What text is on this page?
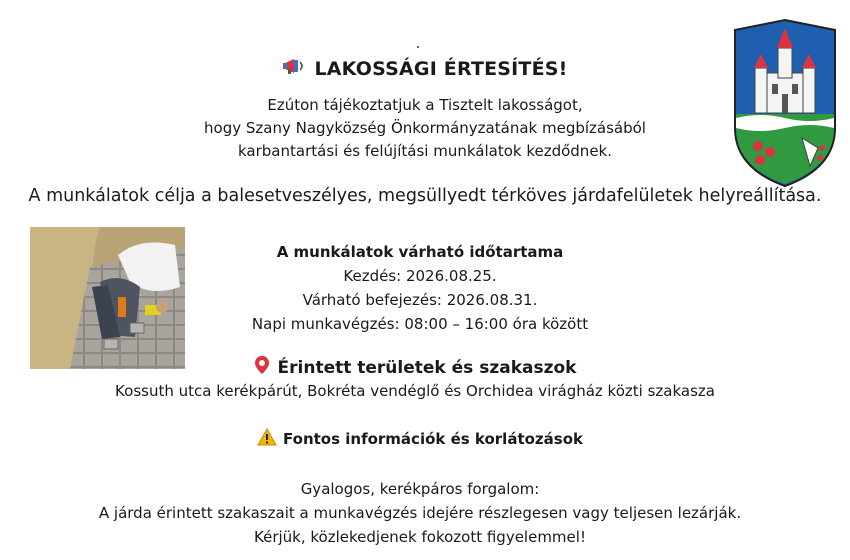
LAKOSSÁGI ÉRTESÍTÉS!
Ezúton tájékoztatjuk a Tisztelt lakosságot,
hogy Szany Nagyközség Önkormányzatának megbízásából
karbantartási és felújítási munkálatok kezdődnek.
A munkálatok célja a balesetveszélyes, megsüllyedt térköves járdafelületek helyreállítása.
A munkálatok várható időtartama
Kezdés: 2026.08.25.
Várható befejezés: 2026.08.31.
Napi munkavégzés: 08:00 – 16:00 óra között
Érintett területek és szakaszok
Kossuth utca kerékpárút, Bokréta vendéglő és Orchidea virágház közti szakasza
Fontos információk és korlátozások
Gyalogos, kerékpáros forgalom:
A járda érintett szakaszait a munkavégzés idejére részlegesen vagy teljesen lezárják.
Kérjük, közlekedjenek fokozott figyelemmel!
